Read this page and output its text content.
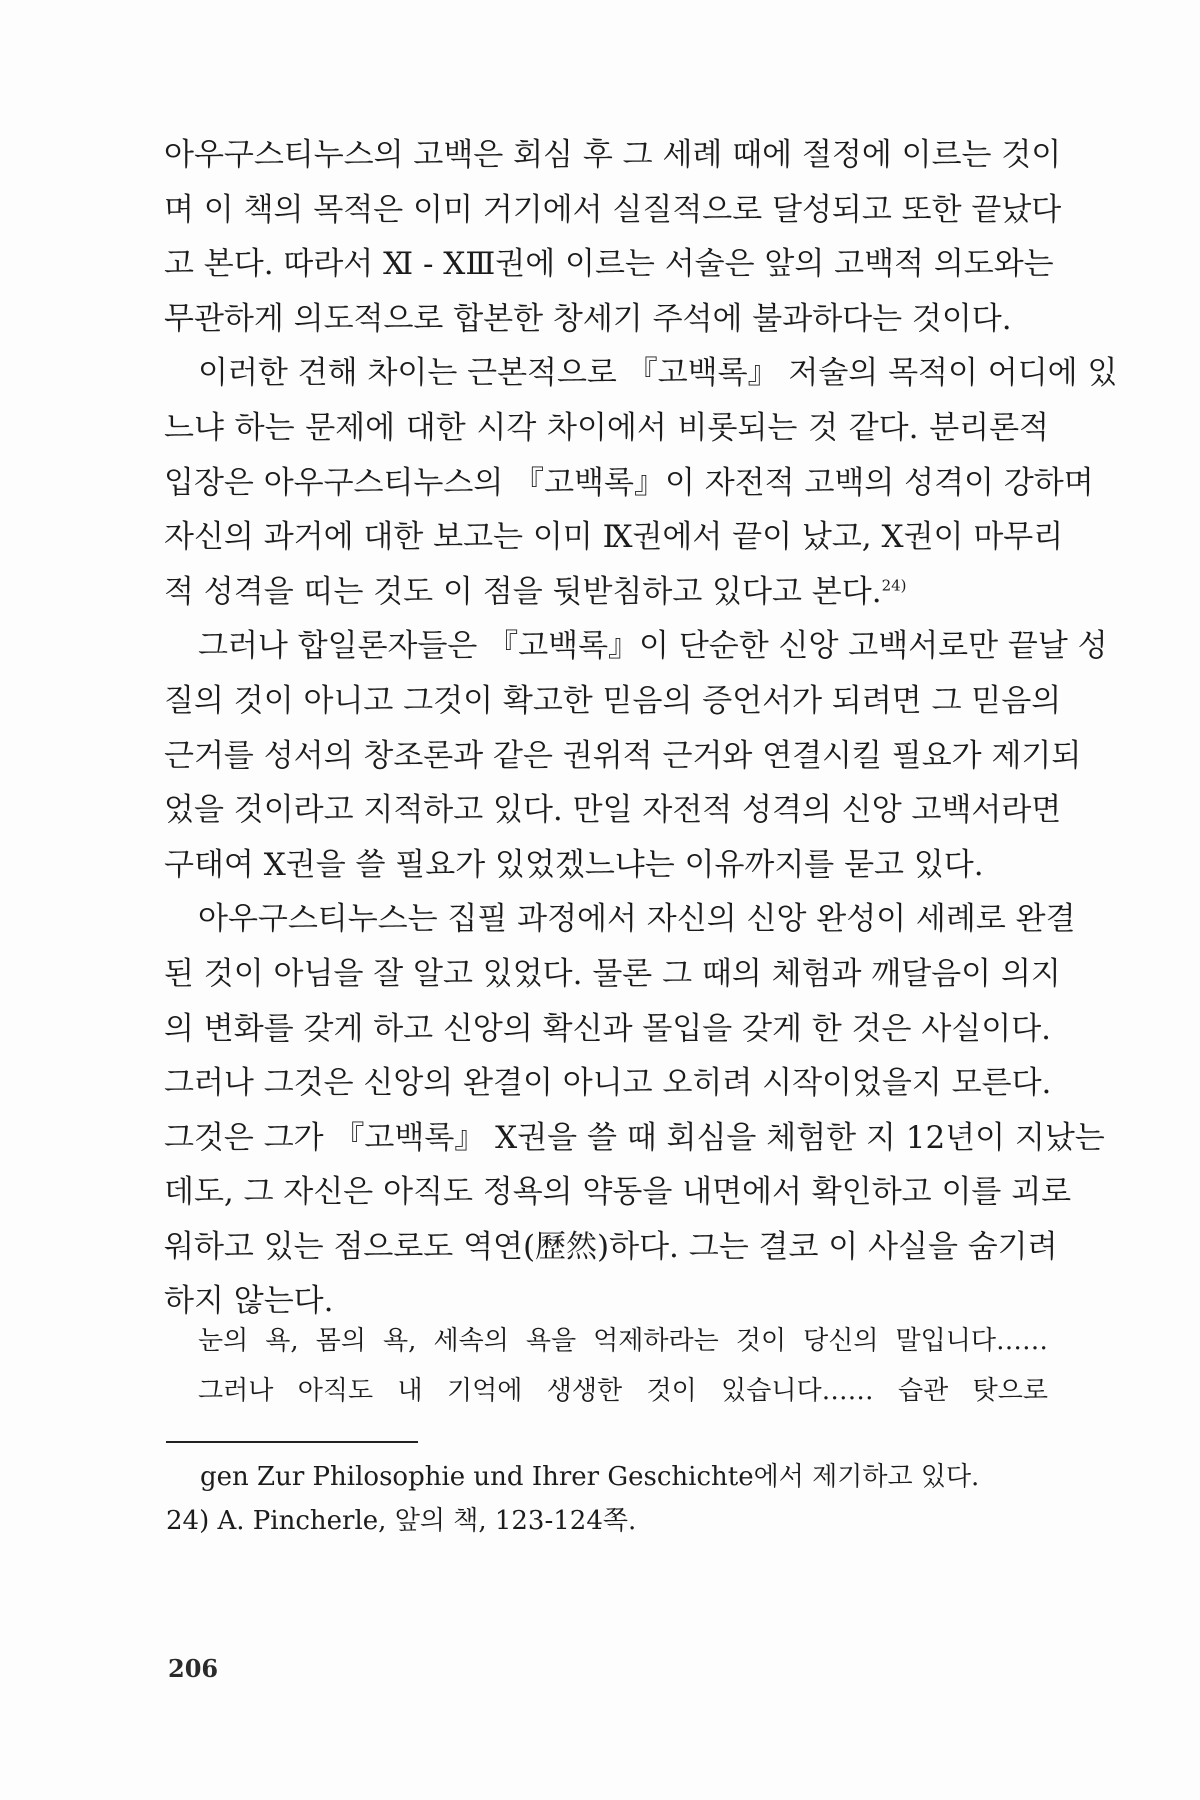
아우구스티누스의 고백은 회심 후 그 세례 때에 절정에 이르는 것이
며 이 책의 목적은 이미 거기에서 실질적으로 달성되고 또한 끝났다
고 본다. 따라서 Ⅺ - ⅩⅢ권에 이르는 서술은 앞의 고백적 의도와는
무관하게 의도적으로 합본한 창세기 주석에 불과하다는 것이다.
이러한 견해 차이는 근본적으로 『고백록』 저술의 목적이 어디에 있
느냐 하는 문제에 대한 시각 차이에서 비롯되는 것 같다. 분리론적
입장은 아우구스티누스의 『고백록』이 자전적 고백의 성격이 강하며
자신의 과거에 대한 보고는 이미 Ⅸ권에서 끝이 났고, Ⅹ권이 마무리
적 성격을 띠는 것도 이 점을 뒷받침하고 있다고 본다.$^{24)}$
그러나 합일론자들은 『고백록』이 단순한 신앙 고백서로만 끝날 성
질의 것이 아니고 그것이 확고한 믿음의 증언서가 되려면 그 믿음의
근거를 성서의 창조론과 같은 권위적 근거와 연결시킬 필요가 제기되
었을 것이라고 지적하고 있다. 만일 자전적 성격의 신앙 고백서라면
구태여 Ⅹ권을 쓸 필요가 있었겠느냐는 이유까지를 묻고 있다.
아우구스티누스는 집필 과정에서 자신의 신앙 완성이 세례로 완결
된 것이 아님을 잘 알고 있었다. 물론 그 때의 체험과 깨달음이 의지
의 변화를 갖게 하고 신앙의 확신과 몰입을 갖게 한 것은 사실이다.
그러나 그것은 신앙의 완결이 아니고 오히려 시작이었을지 모른다.
그것은 그가 『고백록』 Ⅹ권을 쓸 때 회심을 체험한 지 12년이 지났는
데도, 그 자신은 아직도 정욕의 약동을 내면에서 확인하고 이를 괴로
워하고 있는 점으로도 역연(歷然)하다. 그는 결코 이 사실을 숨기려
하지 않는다.
눈의 욕, 몸의 욕, 세속의 욕을 억제하라는 것이 당신의 말입니다……
그러나 아직도 내 기억에 생생한 것이 있습니다…… 습관 탓으로
gen Zur Philosophie und Ihrer Geschichte에서 제기하고 있다.
24) A. Pincherle, 앞의 책, 123-124쪽.
206
